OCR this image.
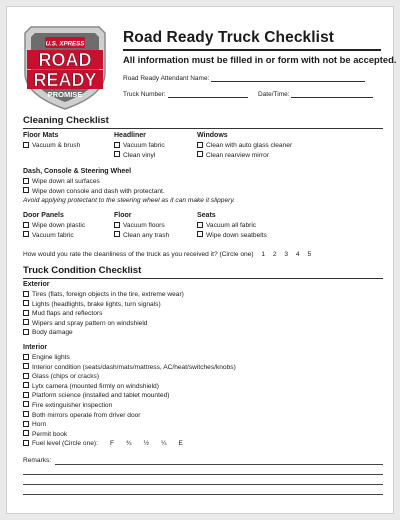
U.S. XPRESS
ROAD
READY
PROMISE
Road Ready Truck Checklist
All information must be filled in or form with not be accepted.
Road Ready Attendant Name:
Truck Number:	Date/Time:
Cleaning Checklist
Floor Mats
Vacuum & brush
Headliner
Vacuum fabric
Clean vinyl
Windows
Clean with auto glass cleaner
Clean rearview mirror
Dash, Console & Steering Wheel
Wipe down all surfaces
Wipe down console and dash with protectant.
Avoid applying protectant to the steering wheel as it can make it slippery.
Door Panels
Wipe down plastic
Vacuum fabric
Floor
Vacuum floors
Clean any trash
Seats
Vacuum all fabric
Wipe down seatbelts
How would you rate the cleanliness of the truck as you received it? (Circle one) 1 2 3 4 5
Truck Condition Checklist
Exterior
Tires (flats, foreign objects in the tire, extreme wear)
Lights (headlights, brake lights, turn signals)
Mud flaps and reflectors
Wipers and spray pattern on windshield
Body damage
Interior
Engine lights
Interior condition (seats/dash/mats/mattress, AC/heat/switches/knobs)
Glass (chips or cracks)
Lytx camera (mounted firmly on windshield)
Platform science (installed and tablet mounted)
Fire extinguisher inspection
Both mirrors operate from driver door
Horn
Permit book
Fuel level (Circle one): F ¾ ½ ¼ E
Remarks:
